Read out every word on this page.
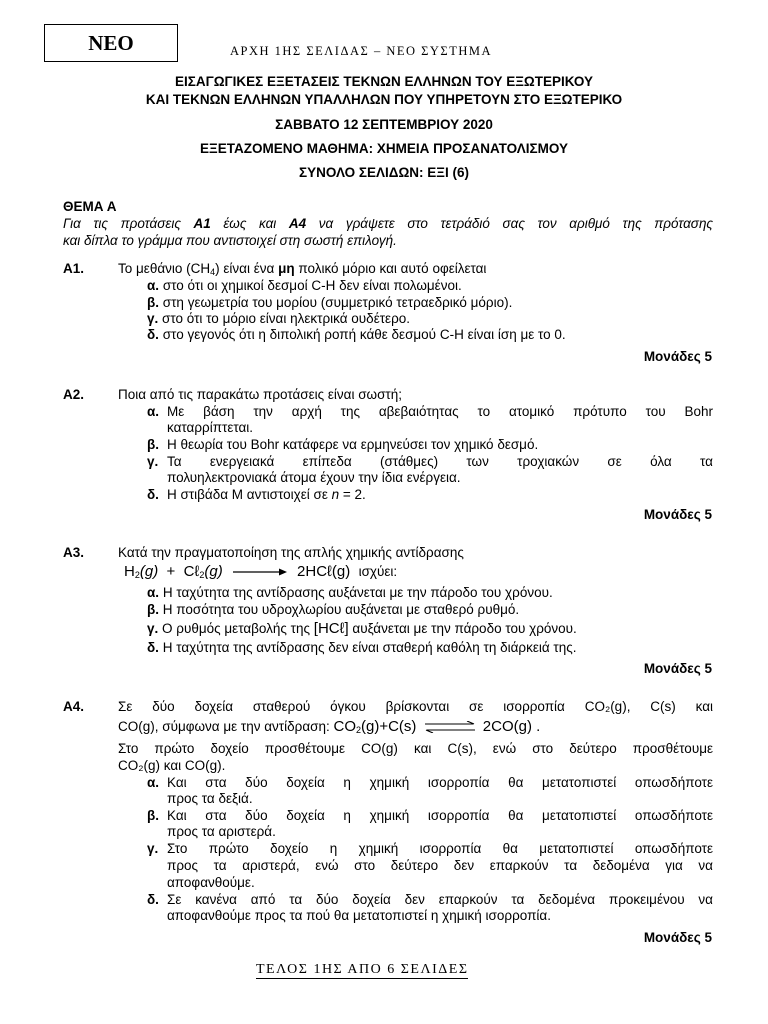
ΝΕΟ	ΑΡΧΗ 1ΗΣ ΣΕΛΙΔΑΣ – ΝΕΟ ΣΥΣΤΗΜΑ
ΕΙΣΑΓΩΓΙΚΕΣ ΕΞΕΤΑΣΕΙΣ ΤΕΚΝΩΝ ΕΛΛΗΝΩΝ ΤΟΥ ΕΞΩΤΕΡΙΚΟΥ
ΚΑΙ ΤΕΚΝΩΝ ΕΛΛΗΝΩΝ ΥΠΑΛΛΗΛΩΝ ΠΟΥ ΥΠΗΡΕΤΟΥΝ ΣΤΟ ΕΞΩΤΕΡΙΚΟ
ΣΑΒΒΑΤΟ 12 ΣΕΠΤΕΜΒΡΙΟΥ 2020
ΕΞΕΤΑΖΟΜΕΝΟ ΜΑΘΗΜΑ: ΧΗΜΕΙΑ ΠΡΟΣΑΝΑΤΟΛΙΣΜΟΥ
ΣΥΝΟΛΟ ΣΕΛΙΔΩΝ: ΕΞΙ (6)
ΘΕΜΑ Α
Για τις προτάσεις Α1 έως και Α4 να γράψετε στο τετράδιό σας τον αριθμό της πρότασης
και δίπλα το γράμμα που αντιστοιχεί στη σωστή επιλογή.
Α1.	Το μεθάνιο $(CH_4)$ είναι ένα μη πολικό μόριο και αυτό οφείλεται
α. στο ότι οι χημικοί δεσμοί C-H δεν είναι πολωμένοι.
β. στη γεωμετρία του μορίου (συμμετρικό τετραεδρικό μόριο).
γ. στο ότι το μόριο είναι ηλεκτρικά ουδέτερο.
δ. στο γεγονός ότι η διπολική ροπή κάθε δεσμού C-H είναι ίση με το 0.
Μονάδες 5
Α2.	Ποια από τις παρακάτω προτάσεις είναι σωστή;
α. Με βάση την αρχή της αβεβαιότητας το ατομικό πρότυπο του Bohr
καταρρίπτεται.
β. Η θεωρία του Bohr κατάφερε να ερμηνεύσει τον χημικό δεσμό.
γ. Τα ενεργειακά επίπεδα (στάθμες) των τροχιακών σε όλα τα
πολυηλεκτρονιακά άτομα έχουν την ίδια ενέργεια.
δ. Η στιβάδα Μ αντιστοιχεί σε n = 2.
Μονάδες 5
Α3.	Κατά την πραγματοποίηση της απλής χημικής αντίδρασης
$H_2(g)$ + Cℓ$_2$(g) → 2HCℓ(g) ισχύει:
α. Η ταχύτητα της αντίδρασης αυξάνεται με την πάροδο του χρόνου.
β. Η ποσότητα του υδροχλωρίου αυξάνεται με σταθερό ρυθμό.
γ. Ο ρυθμός μεταβολής της [HCℓ] αυξάνεται με την πάροδο του χρόνου.
δ. Η ταχύτητα της αντίδρασης δεν είναι σταθερή καθόλη τη διάρκειά της.
Μονάδες 5
Α4.	Σε δύο δοχεία σταθερού όγκου βρίσκονται σε ισορροπία CO₂(g), C(s) και
CO(g), σύμφωνα με την αντίδραση: $CO_2(g)+C(s)$ ⇌ 2CO(g) .
Στο πρώτο δοχείο προσθέτουμε CO(g) και C(s), ενώ στο δεύτερο προσθέτουμε
CO₂(g) και CO(g).
α. Και στα δύο δοχεία η χημική ισορροπία θα μετατοπιστεί οπωσδήποτε
προς τα δεξιά.
β. Και στα δύο δοχεία η χημική ισορροπία θα μετατοπιστεί οπωσδήποτε
προς τα αριστερά.
γ. Στο πρώτο δοχείο η χημική ισορροπία θα μετατοπιστεί οπωσδήποτε
προς τα αριστερά, ενώ στο δεύτερο δεν επαρκούν τα δεδομένα για να
αποφανθούμε.
δ. Σε κανένα από τα δύο δοχεία δεν επαρκούν τα δεδομένα προκειμένου να
αποφανθούμε προς τα πού θα μετατοπιστεί η χημική ισορροπία.
Μονάδες 5
ΤΕΛΟΣ 1ΗΣ ΑΠΟ 6 ΣΕΛΙΔΕΣ
